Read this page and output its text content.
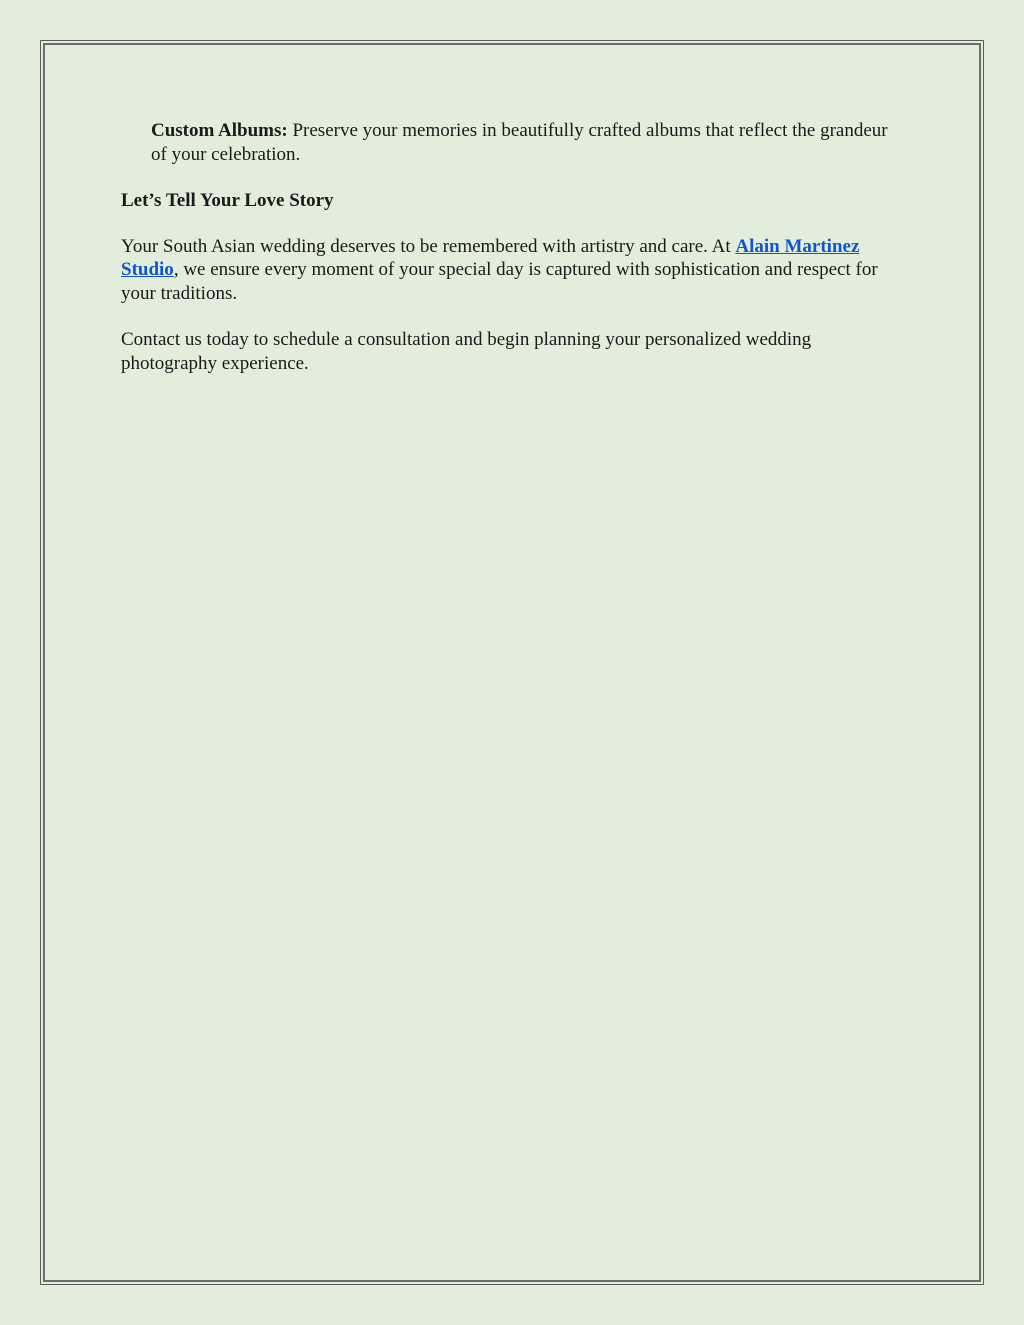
Custom Albums: Preserve your memories in beautifully crafted albums that reflect the grandeur of your celebration.

Let’s Tell Your Love Story

Your South Asian wedding deserves to be remembered with artistry and care. At Alain Martinez Studio, we ensure every moment of your special day is captured with sophistication and respect for your traditions.

Contact us today to schedule a consultation and begin planning your personalized wedding photography experience.
